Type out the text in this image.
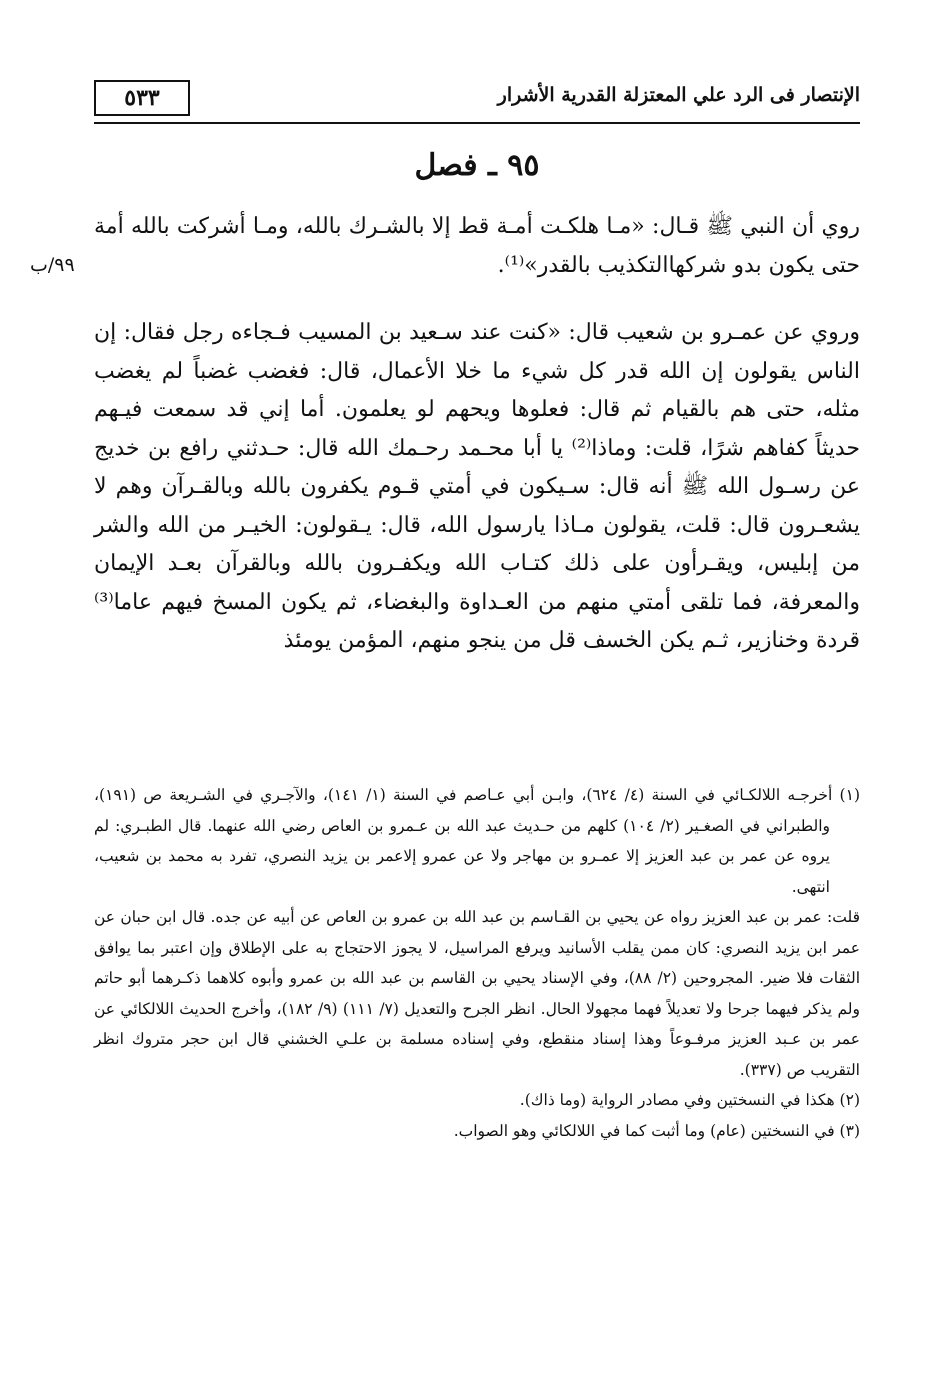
٥٣٣	الإنتصار فى الرد علي المعتزلة القدرية الأشرار
٩٥ ـ فصل
٩٩/ب

روي أن النبي ﷺ قـال: «مـا هلكـت أمـة قط إلا بالشـرك بالله، ومـا أشركت بالله أمة حتى يكون بدو شركهاالتكذيب بالقدر»⁽¹⁾.

ورو‌ي عن عمـرو بن شعيب قال: «كنت عند سـعيد بن المسيب فـجاءه رجل فقال: إن الناس يقولون إن الله قدر كل شيء ما خلا الأعمال، قال: فغضب غضباً لم يغضب مثله، حتى هم بالقيام ثم قال: فعلوها ويحهم لو يعلمون. أما إني قد سمعت فيـهم حديثاً كفاهم شرًا، قلت: وماذا⁽²⁾ يا أبا محـمد رحـمك الله قال: حـدثني رافع بن خديج عن رسـول الله ﷺ أنه قال: سـيكون في أمتي قـوم يكفرون بالله وبالقـرآن وهم لا يشعـرون قال: قلت، يقولون مـاذا يارسول الله، قال: يـقولون: الخيـر من الله والشر من إبليس، ويقـرأون على ذلك كتـاب الله ويكفـرون بالله وبالقرآن بعـد الإيمان والمعرفة، فما تلقى أمتي منهم من العـداوة والبغضاء، ثم يكون المسخ فيهم عاما⁽³⁾ قردة وخنازير، ثـم يكن الخسف قل من ينجو منهم، المؤمن يومئذ

(١) أخرجـه اللالكـائي في السنة (٤/ ٦٢٤)، وابـن أبي عـاصم في السنة (١/ ١٤١)، والآجـري في الشـريعة ص (١٩١)، والطبراني في الصغـير (٢/ ١٠٤) كلهم من حـديث عبد الله بن عـمرو بن العاص رضي الله عنهما. قال الطبـري: لم يروه عن عمر بن عبد العزيز إلا عمـرو بن مهاجر ولا عن عمرو إلاعمر بن يزيد النصري، تفرد به محمد بن شعيب، انتهى.

قلت: عمر بن عبد العزيز رواه عن يحيي بن القـاسم بن عبد الله بن عمرو بن العاص عن أبيه عن جده. قال ابن حبان عن عمر ابن يزيد النصري: كان ممن يقلب الأسانيد ويرفع المراسيل، لا يجوز الاحتجاج به على الإطلاق وإن اعتبر بما يوافق الثقات فلا ضير. المجروحين (٢/ ٨٨)، وفي الإسناد يحيي بن القاسم بن عبد الله بن عمرو وأبوه كلاهما ذكـرهما أبو حاتم ولم يذكر فيهما جرحا ولا تعديلاً فهما مجهولا الحال. انظر الجرح والتعديل (٧/ ١١١) (٩/ ١٨٢)، وأخرج الحديث اللالكائي عن عمر بن عـبد العزيز مرفـوعاً وهذا إسناد منقطع، وفي إسناده مسلمة بن علـي الخشني قال ابن حجر متروك انظر التقريب ص (٣٣٧).

(٢) هكذا في النسختين وفي مصادر الرواية (وما ذاك).

(٣) في النسختين (عام) وما أثبت كما في اللالكائي وهو الصواب.
